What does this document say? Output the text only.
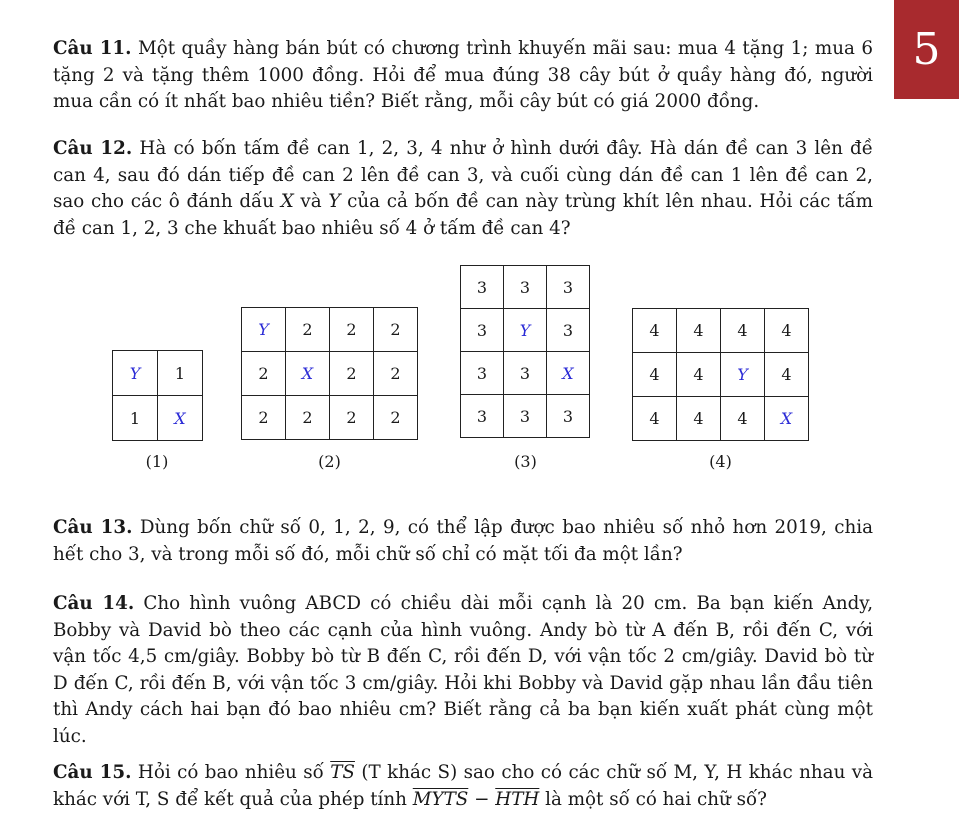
5

Câu 11. Một quầy hàng bán bút có chương trình khuyến mãi sau: mua 4 tặng 1; mua 6 tặng 2 và tặng thêm 1000 đồng. Hỏi để mua đúng 38 cây bút ở quầy hàng đó, người mua cần có ít nhất bao nhiêu tiền? Biết rằng, mỗi cây bút có giá 2000 đồng.

Câu 12. Hà có bốn tấm đề can 1, 2, 3, 4 như ở hình dưới đây. Hà dán đề can 3 lên đề can 4, sau đó dán tiếp đề can 2 lên đề can 3, và cuối cùng dán đề can 1 lên đề can 2, sao cho các ô đánh dấu X và Y của cả bốn đề can này trùng khít lên nhau. Hỏi các tấm đề can 1, 2, 3 che khuất bao nhiêu số 4 ở tấm đề can 4?

Y	1
1	X
(1)
Y	2	2	2
2	X	2	2
2	2	2	2
(2)
3	3	3
3	Y	3
3	3	X
3	3	3
(3)
4	4	4	4
4	4	Y	4
4	4	4	X
(4)

Câu 13. Dùng bốn chữ số 0, 1, 2, 9, có thể lập được bao nhiêu số nhỏ hơn 2019, chia hết cho 3, và trong mỗi số đó, mỗi chữ số chỉ có mặt tối đa một lần?

Câu 14. Cho hình vuông ABCD có chiều dài mỗi cạnh là 20 cm. Ba bạn kiến Andy, Bobby và David bò theo các cạnh của hình vuông. Andy bò từ A đến B, rồi đến C, với vận tốc 4,5 cm/giây. Bobby bò từ B đến C, rồi đến D, với vận tốc 2 cm/giây. David bò từ D đến C, rồi đến B, với vận tốc 3 cm/giây. Hỏi khi Bobby và David gặp nhau lần đầu tiên thì Andy cách hai bạn đó bao nhiêu cm? Biết rằng cả ba bạn kiến xuất phát cùng một lúc.

Câu 15. Hỏi có bao nhiêu số $\overline{TS}$ (T khác S) sao cho có các chữ số M, Y, H khác nhau và khác với T, S để kết quả của phép tính MYTS − $\overline{HTH}$ là một số có hai chữ số?
